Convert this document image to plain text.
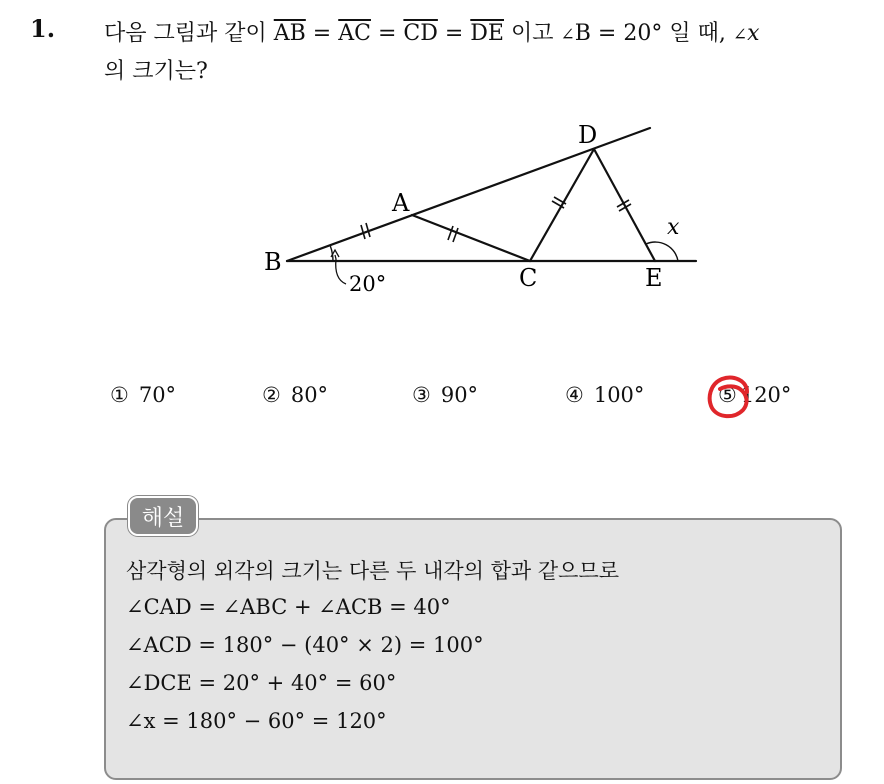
1. 다음 그림과 같이 $\overline{AB} = \overline{AC} = \overline{CD} = \overline{DE}$ 이고 ∠B = 20° 일 때, ∠x
의 크기는?
B
A
C
D
E
x
20°
① 70°	② 80°	③ 90°	④ 100°	⑤ 120°
해설
삼각형의 외각의 크기는 다른 두 내각의 합과 같으므로
∠CAD = ∠ABC + ∠ACB = 40°
∠ACD = 180° − (40° × 2) = 100°
∠DCE = 20° + 40° = 60°
∠x = 180° − 60° = 120°
